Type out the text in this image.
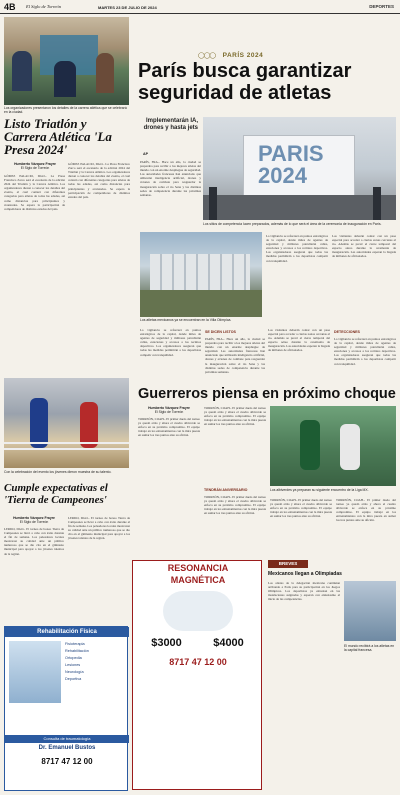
4B El Siglo de Torreón	MARTES 23 DE JULIO DE 2024	DEPORTES
Los organizadores presentaron los detalles de la carrera atlética que se celebrará en la ciudad.
Listo Triatlón y Carrera Atlética 'La Presa 2024'
Humberto Vázquez Frayre
El Siglo de Torreón
GÓMEZ PALACIO, DGO.- La Presa Francisco Zarco será el escenario de la edición 2024 del Triatlón y la Carrera Atlética. Los organizadores dieron a conocer los detalles del evento, el cual contará con diferentes categorías para atletas de todas las edades, así como distancias para principiantes y avanzados. Se espera la participación de competidores de distintos estados del país.
GÓMEZ PALACIO, DGO.- La Presa Francisco Zarco será el escenario de la edición 2024 del Triatlón y la Carrera Atlética. Los organizadores dieron a conocer los detalles del evento, el cual contará con diferentes categorías para atletas de todas las edades, así como distancias para principiantes y avanzados. Se espera la participación de competidores de distintos estados del país.
◯◯◯ PARÍS 2024
París busca garantizar seguridad de atletas
Implementarán IA, drones y hasta jets
PARIS
2024
Los sitios de competencia lucen preparados, además de lo que será el área de la ceremonia de inauguración en París.
AP
PARÍS, FRA.- Hace un año, la ciudad se preparaba para recibir a los mejores atletas del mundo con un enorme despliegue de seguridad. Las autoridades francesas han anunciado que utilizarán inteligencia artificial, drones y aviones de combate para resguardar la inauguración sobre el río Sena y las distintas sedes de competencia durante las próximas semanas.
Los atletas mexicanos ya se encuentran en la Villa Olímpica.
La vigilancia se reforzará en puntos estratégicos de la capital, donde miles de agentes de seguridad y militares patrullarán calles, estaciones y accesos a los recintos deportivos. Los organizadores aseguran que todas las medidas permitirán a los deportistas competir con tranquilidad.
Los visitantes deberán contar con un pase especial para acceder a ciertas zonas cercanas al río. Además se prevé el cierre temporal del espacio aéreo durante la ceremonia de inauguración. Las autoridades esperan la llegada de millones de aficionados.
La vigilancia se reforzará en puntos estratégicos de la capital, donde miles de agentes de seguridad y militares patrullarán calles, estaciones y accesos a los recintos deportivos. Los organizadores aseguran que todas las medidas permitirán a los deportistas competir con tranquilidad.
SE DICEN LISTOS
PARÍS, FRA.- Hace un año, la ciudad se preparaba para recibir a los mejores atletas del mundo con un enorme despliegue de seguridad. Las autoridades francesas han anunciado que utilizarán inteligencia artificial, drones y aviones de combate para resguardar la inauguración sobre el río Sena y las distintas sedes de competencia durante las próximas semanas.
Los visitantes deberán contar con un pase especial para acceder a ciertas zonas cercanas al río. Además se prevé el cierre temporal del espacio aéreo durante la ceremonia de inauguración. Las autoridades esperan la llegada de millones de aficionados.
DETECCIONES
La vigilancia se reforzará en puntos estratégicos de la capital, donde miles de agentes de seguridad y militares patrullarán calles, estaciones y accesos a los recintos deportivos. Los organizadores aseguran que todas las medidas permitirán a los deportistas competir con tranquilidad.
Con la celebración del evento los jóvenes dieron muestra de su talento.
Cumple expectativas el 'Tierra de Campeones'
Humberto Vázquez Frayre
El Siglo de Torreón
LERDO, DGO.- El torneo de boxeo Tierra de Campeones se llevó a cabo con éxito durante el fin de semana. Los peleadores locales mostraron su calidad ante un público numeroso que se dio cita en el gimnasio municipal para apoyar a los jóvenes talentos de la región.
LERDO, DGO.- El torneo de boxeo Tierra de Campeones se llevó a cabo con éxito durante el fin de semana. Los peleadores locales mostraron su calidad ante un público numeroso que se dio cita en el gimnasio municipal para apoyar a los jóvenes talentos de la región.
Guerreros piensa en próximo choque
Humberto Vázquez Frayre
El Siglo de Torreón
TORREÓN, COAH.- El primer duelo del torneo ya quedó atrás y ahora el cuadro albiverde se enfoca en su próximo compromiso. El equipo trabajó en los entrenamientos con la mira puesta en sumar los tres puntos ante su afición.
TORREÓN, COAH.- El primer duelo del torneo ya quedó atrás y ahora el cuadro albiverde se enfoca en su próximo compromiso. El equipo trabajó en los entrenamientos con la mira puesta en sumar los tres puntos ante su afición.
TENDRÁN ANIVERSARIO
TORREÓN, COAH.- El primer duelo del torneo ya quedó atrás y ahora el cuadro albiverde se enfoca en su próximo compromiso. El equipo trabajó en los entrenamientos con la mira puesta en sumar los tres puntos ante su afición.
Los albiverdes ya preparan su siguiente encuentro de la Liga MX.
TORREÓN, COAH.- El primer duelo del torneo ya quedó atrás y ahora el cuadro albiverde se enfoca en su próximo compromiso. El equipo trabajó en los entrenamientos con la mira puesta en sumar los tres puntos ante su afición.
TORREÓN, COAH.- El primer duelo del torneo ya quedó atrás y ahora el cuadro albiverde se enfoca en su próximo compromiso. El equipo trabajó en los entrenamientos con la mira puesta en sumar los tres puntos ante su afición.
Rehabilitación Física
Fisioterapia
Rehabilitación
Ortopedia
Lesiones
Neurología
Deportiva
Consulta de traumatología
Dr. Emanuel Bustos
8717 47 12 00
RESONANCIA
MAGNÉTICA
$3000	$4000
8717 47 12 00
BREVES
Mexicanos llegan a Olimpiadas
Los atletas de la delegación mexicana continúan arribando a París para su participación en los Juegos Olímpicos. Los deportistas ya entrenan en las instalaciones asignadas y esperan con entusiasmo el inicio de las competencias.
El mundo recibirá a los atletas en la capital francesa.
